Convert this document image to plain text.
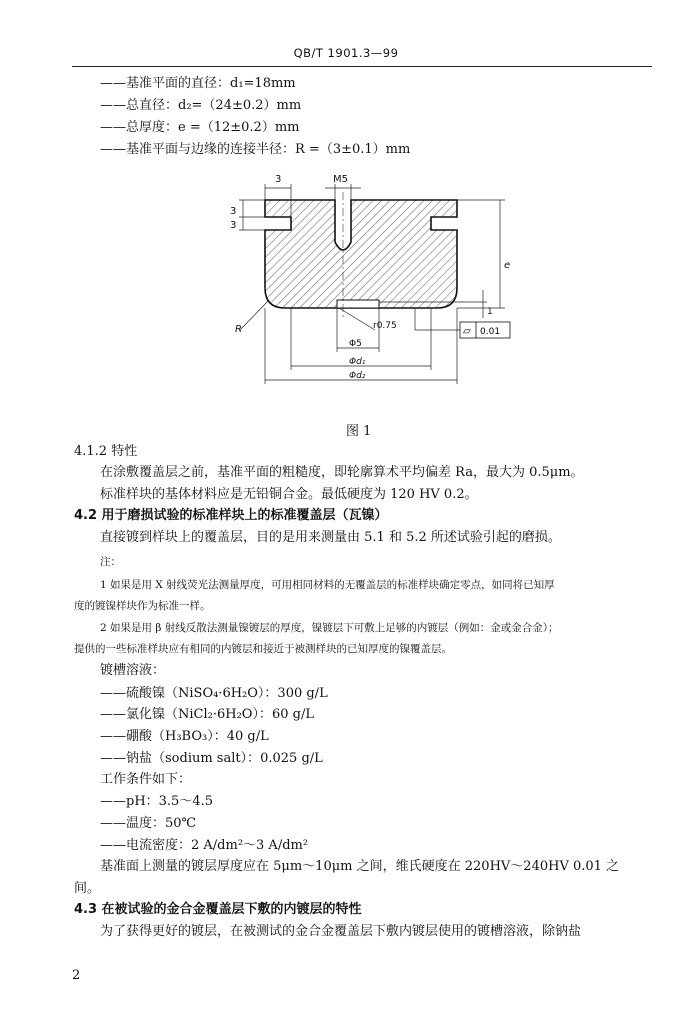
QB/T 1901.3—99
——基准平面的直径：d₁=18mm
——总直径：d₂=（24±0.2）mm
——总厚度：e =（12±0.2）mm
——基准平面与边缘的连接半径：R =（3±0.1）mm
3	M5
3
3
e
R	r0.75
Φ5
Φd₁
Φd₂
1
▱ 0.01
图 1
4.1.2 特性
在涂敷覆盖层之前，基准平面的粗糙度，即轮廓算术平均偏差 Ra，最大为 0.5μm。
标准样块的基体材料应是无铅铜合金。最低硬度为 120 HV 0.2。
4.2 用于磨损试验的标准样块上的标准覆盖层（瓦镍）
直接镀到样块上的覆盖层，目的是用来测量由 5.1 和 5.2 所述试验引起的磨损。
注：
1 如果是用 X 射线荧光法测量厚度，可用相同材料的无覆盖层的标准样块确定零点，如同将已知厚
度的镀镍样块作为标准一样。
2 如果是用 β 射线反散法测量镍镀层的厚度，镍镀层下可敷上足够的内镀层（例如：金或金合金）；
提供的一些标准样块应有相同的内镀层和接近于被测样块的已知厚度的镍覆盖层。
镀槽溶液：
——硫酸镍（NiSO₄·6H₂O）：300 g/L
——氯化镍（NiCl₂·6H₂O）：60 g/L
——硼酸（H₃BO₃）：40 g/L
——钠盐（sodium salt）：0.025 g/L
工作条件如下：
——pH：3.5～4.5
——温度：50℃
——电流密度：2 A/dm²～3 A/dm²
基准面上测量的镀层厚度应在 5μm～10μm 之间，维氏硬度在 220HV～240HV 0.01 之
间。
4.3 在被试验的金合金覆盖层下敷的内镀层的特性
为了获得更好的镀层，在被测试的金合金覆盖层下敷内镀层使用的镀槽溶液，除钠盐
2
